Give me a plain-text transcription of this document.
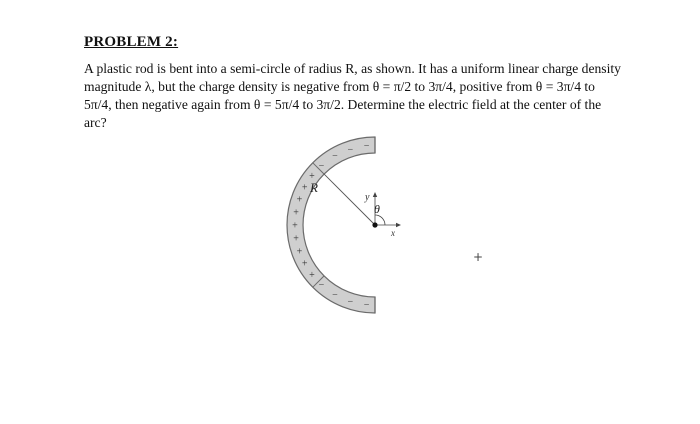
PROBLEM 2:
A plastic rod is bent into a semi-circle of radius R, as shown. It has a uniform linear charge density
magnitude λ, but the charge density is negative from θ = π/2 to 3π/4, positive from θ = 3π/4 to
5π/4, then negative again from θ = 5π/4 to 3π/2. Determine the electric field at the center of the
arc?
−
−
−
−
+
+
+
+
+
+
+
+
+
−
−
− −
R
y
x
θ
+
